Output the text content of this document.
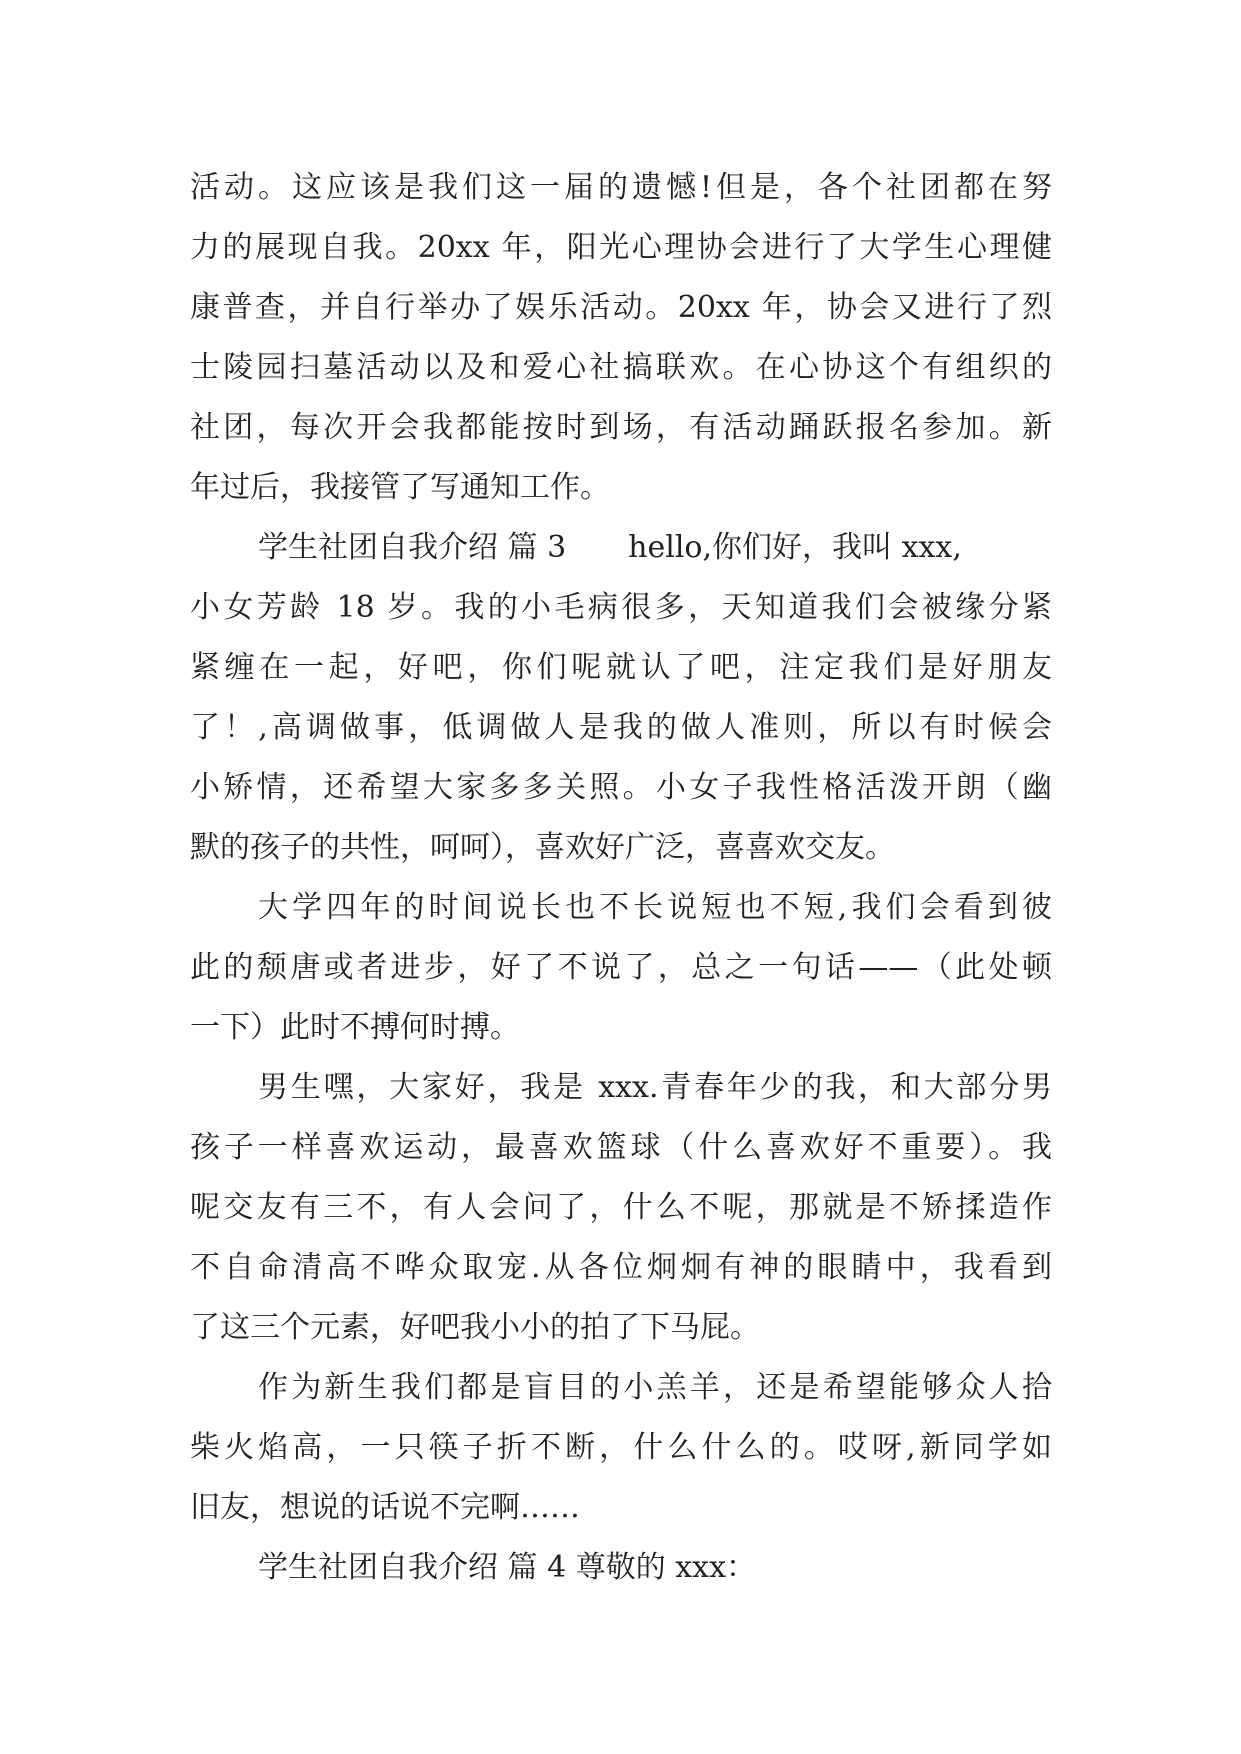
活动。这应该是我们这一届的遗憾!但是，各个社团都在努
力的展现自我。20xx 年，阳光心理协会进行了大学生心理健
康普查，并自行举办了娱乐活动。20xx 年，协会又进行了烈
士陵园扫墓活动以及和爱心社搞联欢。在心协这个有组织的
社团，每次开会我都能按时到场，有活动踊跃报名参加。新
年过后，我接管了写通知工作。
学生社团自我介绍 篇 3 hello,你们好，我叫 xxx,
小女芳龄 18 岁。我的小毛病很多，天知道我们会被缘分紧
紧缠在一起，好吧，你们呢就认了吧，注定我们是好朋友
了！,高调做事，低调做人是我的做人准则，所以有时候会
小矫情，还希望大家多多关照。小女子我性格活泼开朗（幽
默的孩子的共性，呵呵），喜欢好广泛，喜喜欢交友。
大学四年的时间说长也不长说短也不短,我们会看到彼
此的颓唐或者进步，好了不说了，总之一句话——（此处顿
一下）此时不搏何时搏。
男生嘿，大家好，我是 xxx.青春年少的我，和大部分男
孩子一样喜欢运动，最喜欢篮球（什么喜欢好不重要）。我
呢交友有三不，有人会问了，什么不呢，那就是不矫揉造作
不自命清高不哗众取宠.从各位炯炯有神的眼睛中，我看到
了这三个元素，好吧我小小的拍了下马屁。
作为新生我们都是盲目的小羔羊，还是希望能够众人拾
柴火焰高，一只筷子折不断，什么什么的。哎呀,新同学如
旧友，想说的话说不完啊……
学生社团自我介绍 篇 4 尊敬的 xxx：
